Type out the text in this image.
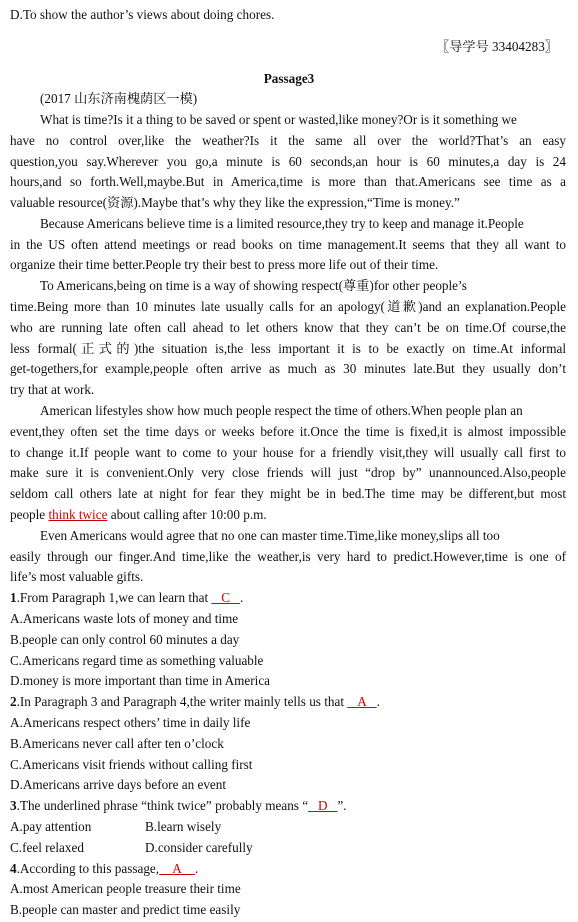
D.To show the author’s views about doing chores.
〖导学号 33404283〗
Passage3
(2017 山东济南槐荫区一模)
What is time?Is it a thing to be saved or spent or wasted,like money?Or is it something we
have no control over,like the weather?Is it the same all over the world?That’s an easy
question,you say.Wherever you go,a minute is 60 seconds,an hour is 60 minutes,a day is 24
hours,and so forth.Well,maybe.But in America,time is more than that.Americans see time as a
valuable resource(资源).Maybe that’s why they like the expression,“Time is money.”
Because Americans believe time is a limited resource,they try to keep and manage it.People
in the US often attend meetings or read books on time management.It seems that they all want to
organize their time better.People try their best to press more life out of their time.
To Americans,being on time is a way of showing respect(尊重)for other people’s
time.Being more than 10 minutes late usually calls for an apology(道歉)and an explanation.People
who are running late often call ahead to let others know that they can’t be on time.Of course,the
less formal(正式的)the situation is,the less important it is to be exactly on time.At informal
get-togethers,for example,people often arrive as much as 30 minutes late.But they usually don’t
try that at work.
American lifestyles show how much people respect the time of others.When people plan an
event,they often set the time days or weeks before it.Once the time is fixed,it is almost impossible
to change it.If people want to come to your house for a friendly visit,they will usually call first to
make sure it is convenient.Only very close friends will just “drop by” unannounced.Also,people
seldom call others late at night for fear they might be in bed.The time may be different,but most
people think twice about calling after 10:00 p.m.
Even Americans would agree that no one can master time.Time,like money,slips all too
easily through our finger.And time,like the weather,is very hard to predict.However,time is one of
life’s most valuable gifts.
1.From Paragraph 1,we can learn that    C .
A.Americans waste lots of money and time
B.people can only control 60 minutes a day
C.Americans regard time as something valuable
D.money is more important than time in America
2.In Paragraph 3 and Paragraph 4,the writer mainly tells us that    A .
A.Americans respect others’ time in daily life
B.Americans never call after ten o’clock
C.Americans visit friends without calling first
D.Americans arrive days before an event
3.The underlined phrase “think twice” probably means “ D ”.
A.pay attention	B.learn wisely
C.feel relaxed	D.consider carefully
4.According to this passage, A .
A.most American people treasure their time
B.people can master and predict time easily
